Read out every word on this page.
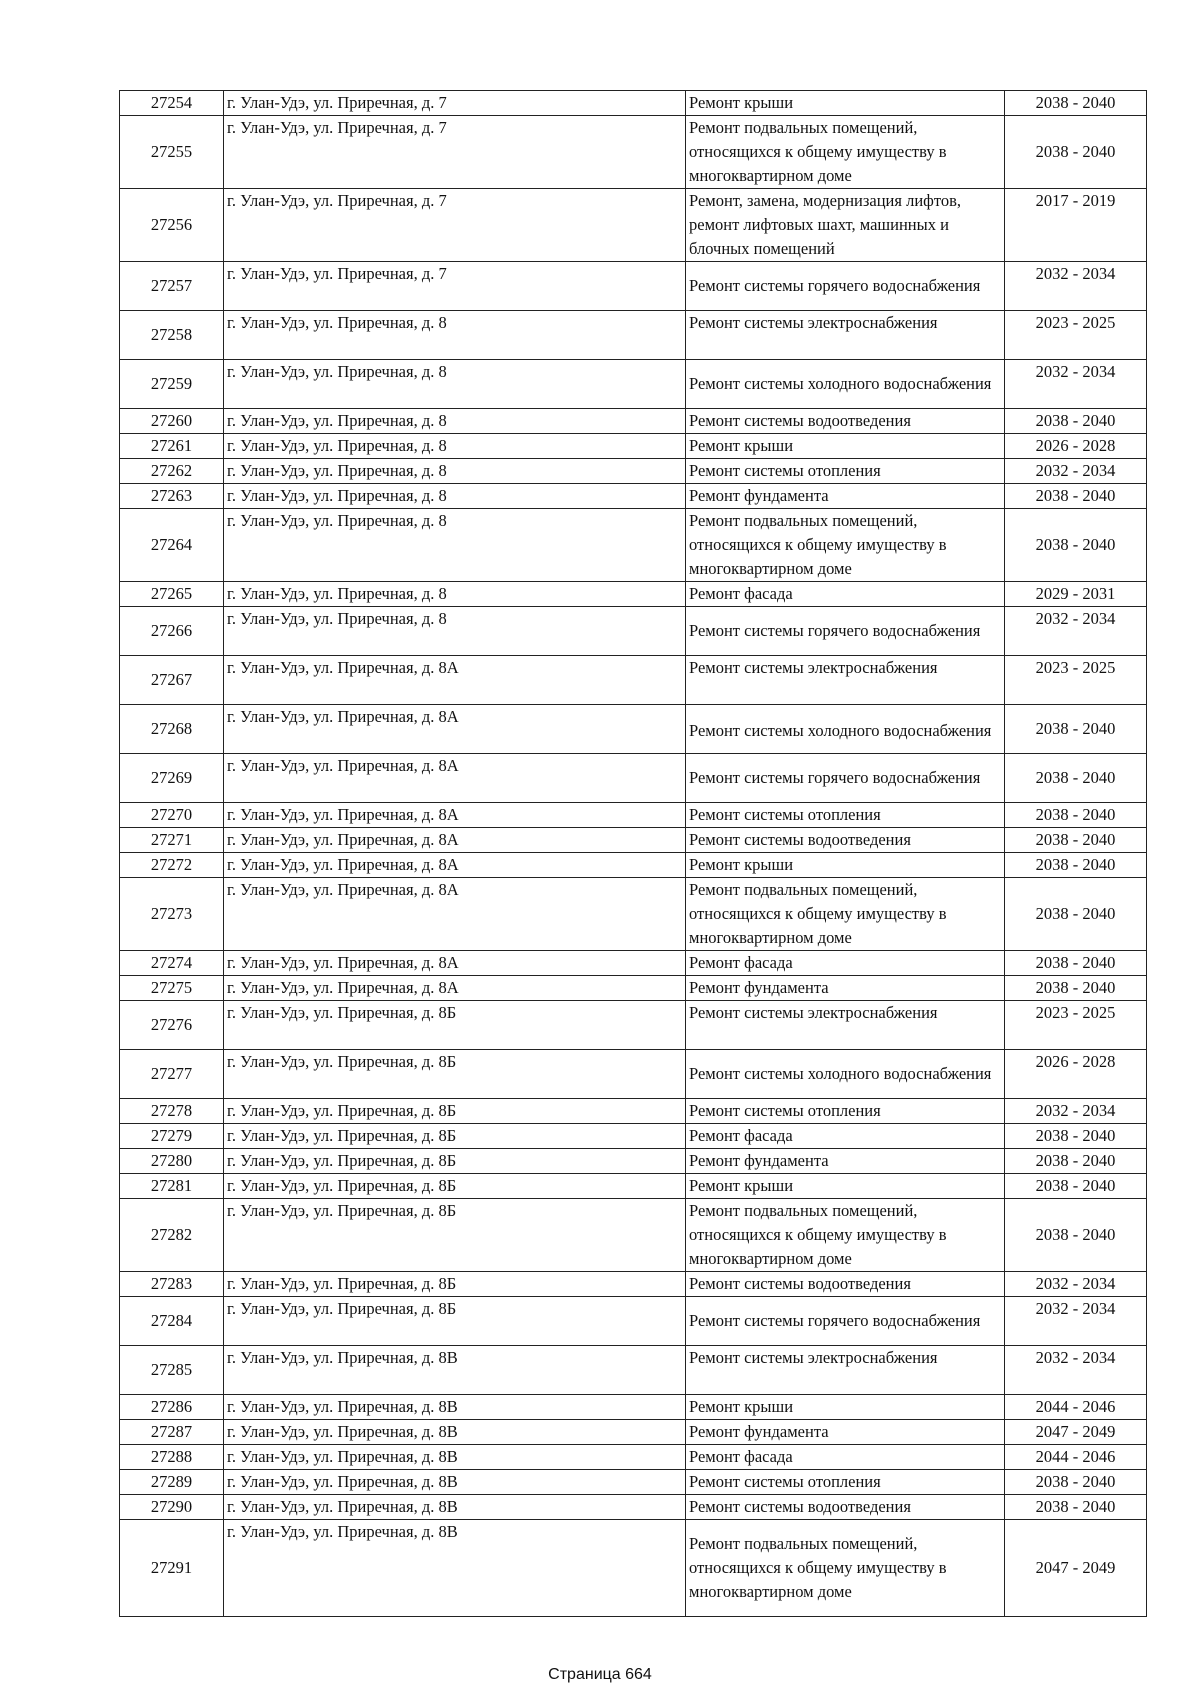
27254	г. Улан-Удэ, ул. Приречная, д. 7	Ремонт крыши	2038 - 2040
27255	г. Улан-Удэ, ул. Приречная, д. 7	Ремонт подвальных помещений, относящихся к общему имуществу в многоквартирном доме	2038 - 2040
27256	г. Улан-Удэ, ул. Приречная, д. 7	Ремонт, замена, модернизация лифтов, ремонт лифтовых шахт, машинных и блочных помещений	2017 - 2019
27257	г. Улан-Удэ, ул. Приречная, д. 7	Ремонт системы горячего водоснабжения	2032 - 2034
27258	г. Улан-Удэ, ул. Приречная, д. 8	Ремонт системы электроснабжения	2023 - 2025
27259	г. Улан-Удэ, ул. Приречная, д. 8	Ремонт системы холодного водоснабжения	2032 - 2034
27260	г. Улан-Удэ, ул. Приречная, д. 8	Ремонт системы водоотведения	2038 - 2040
27261	г. Улан-Удэ, ул. Приречная, д. 8	Ремонт крыши	2026 - 2028
27262	г. Улан-Удэ, ул. Приречная, д. 8	Ремонт системы отопления	2032 - 2034
27263	г. Улан-Удэ, ул. Приречная, д. 8	Ремонт фундамента	2038 - 2040
27264	г. Улан-Удэ, ул. Приречная, д. 8	Ремонт подвальных помещений, относящихся к общему имуществу в многоквартирном доме	2038 - 2040
27265	г. Улан-Удэ, ул. Приречная, д. 8	Ремонт фасада	2029 - 2031
27266	г. Улан-Удэ, ул. Приречная, д. 8	Ремонт системы горячего водоснабжения	2032 - 2034
27267	г. Улан-Удэ, ул. Приречная, д. 8А	Ремонт системы электроснабжения	2023 - 2025
27268	г. Улан-Удэ, ул. Приречная, д. 8А	Ремонт системы холодного водоснабжения	2038 - 2040
27269	г. Улан-Удэ, ул. Приречная, д. 8А	Ремонт системы горячего водоснабжения	2038 - 2040
27270	г. Улан-Удэ, ул. Приречная, д. 8А	Ремонт системы отопления	2038 - 2040
27271	г. Улан-Удэ, ул. Приречная, д. 8А	Ремонт системы водоотведения	2038 - 2040
27272	г. Улан-Удэ, ул. Приречная, д. 8А	Ремонт крыши	2038 - 2040
27273	г. Улан-Удэ, ул. Приречная, д. 8А	Ремонт подвальных помещений, относящихся к общему имуществу в многоквартирном доме	2038 - 2040
27274	г. Улан-Удэ, ул. Приречная, д. 8А	Ремонт фасада	2038 - 2040
27275	г. Улан-Удэ, ул. Приречная, д. 8А	Ремонт фундамента	2038 - 2040
27276	г. Улан-Удэ, ул. Приречная, д. 8Б	Ремонт системы электроснабжения	2023 - 2025
27277	г. Улан-Удэ, ул. Приречная, д. 8Б	Ремонт системы холодного водоснабжения	2026 - 2028
27278	г. Улан-Удэ, ул. Приречная, д. 8Б	Ремонт системы отопления	2032 - 2034
27279	г. Улан-Удэ, ул. Приречная, д. 8Б	Ремонт фасада	2038 - 2040
27280	г. Улан-Удэ, ул. Приречная, д. 8Б	Ремонт фундамента	2038 - 2040
27281	г. Улан-Удэ, ул. Приречная, д. 8Б	Ремонт крыши	2038 - 2040
27282	г. Улан-Удэ, ул. Приречная, д. 8Б	Ремонт подвальных помещений, относящихся к общему имуществу в многоквартирном доме	2038 - 2040
27283	г. Улан-Удэ, ул. Приречная, д. 8Б	Ремонт системы водоотведения	2032 - 2034
27284	г. Улан-Удэ, ул. Приречная, д. 8Б	Ремонт системы горячего водоснабжения	2032 - 2034
27285	г. Улан-Удэ, ул. Приречная, д. 8В	Ремонт системы электроснабжения	2032 - 2034
27286	г. Улан-Удэ, ул. Приречная, д. 8В	Ремонт крыши	2044 - 2046
27287	г. Улан-Удэ, ул. Приречная, д. 8В	Ремонт фундамента	2047 - 2049
27288	г. Улан-Удэ, ул. Приречная, д. 8В	Ремонт фасада	2044 - 2046
27289	г. Улан-Удэ, ул. Приречная, д. 8В	Ремонт системы отопления	2038 - 2040
27290	г. Улан-Удэ, ул. Приречная, д. 8В	Ремонт системы водоотведения	2038 - 2040
27291	г. Улан-Удэ, ул. Приречная, д. 8В	Ремонт подвальных помещений, относящихся к общему имуществу в многоквартирном доме	2047 - 2049
Страница 664
